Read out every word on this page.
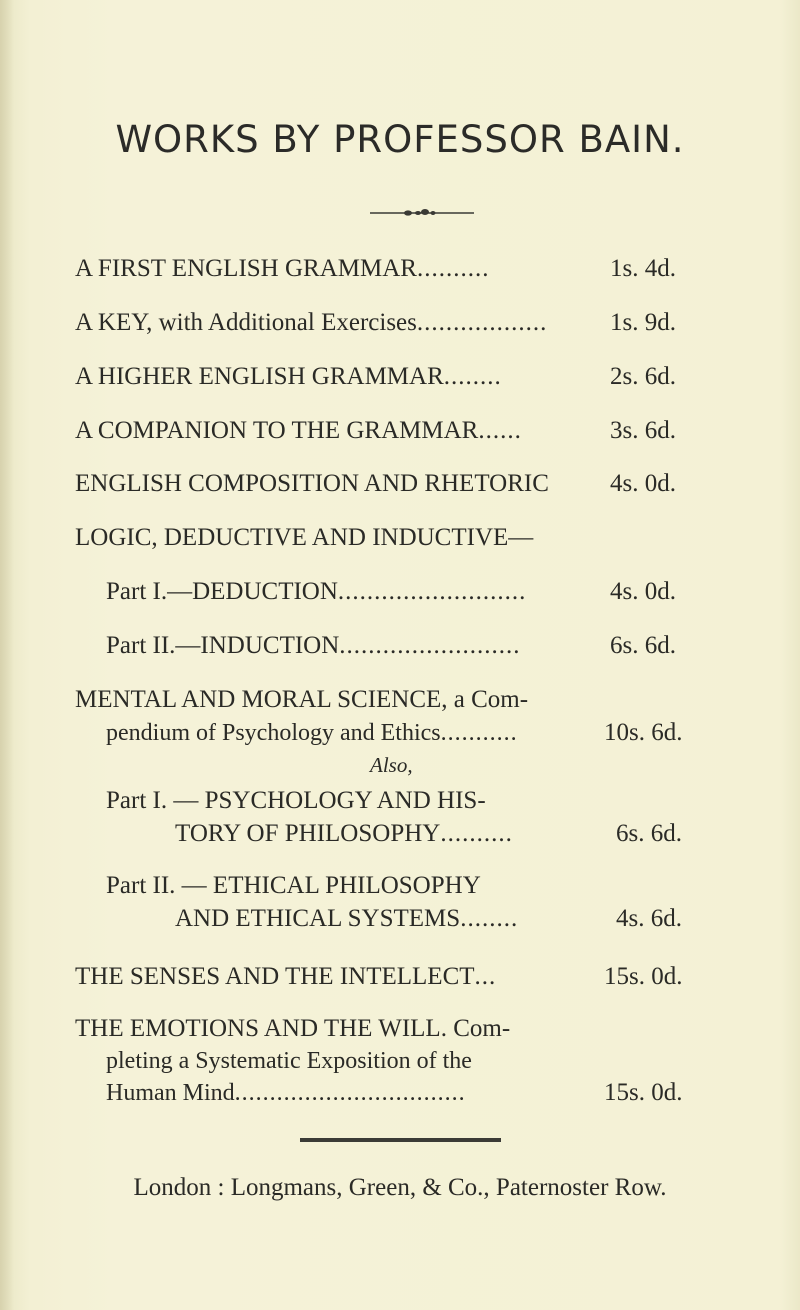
WORKS BY PROFESSOR BAIN.
A FIRST ENGLISH GRAMMAR..........	1s. 4d.
A KEY, with Additional Exercises..................	1s. 9d.
A HIGHER ENGLISH GRAMMAR........	2s. 6d.
A COMPANION TO THE GRAMMAR......	3s. 6d.
ENGLISH COMPOSITION AND RHETORIC	4s. 0d.
LOGIC, DEDUCTIVE AND INDUCTIVE—
Part I.—DEDUCTION..........................	4s. 0d.
Part II.—INDUCTION.........................	6s. 6d.
MENTAL AND MORAL SCIENCE, a Com-
pendium of Psychology and Ethics...........	10s. 6d.
Also,
Part I. — PSYCHOLOGY AND HIS-
TORY OF PHILOSOPHY..........	6s. 6d.
Part II. — ETHICAL PHILOSOPHY
AND ETHICAL SYSTEMS........	4s. 6d.
THE SENSES AND THE INTELLECT...	15s. 0d.
THE EMOTIONS AND THE WILL. Com-
pleting a Systematic Exposition of the
Human Mind.................................	15s. 0d.
London : Longmans, Green, & Co., Paternoster Row.
